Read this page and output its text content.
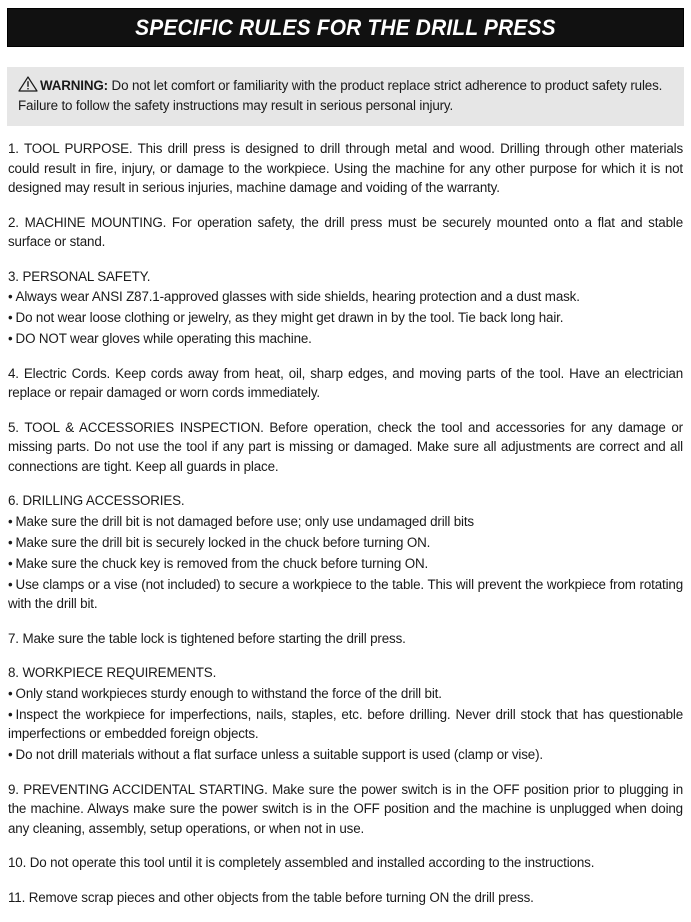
SPECIFIC RULES FOR THE DRILL PRESS
WARNING: Do not let comfort or familiarity with the product replace strict adherence to product safety rules. Failure to follow the safety instructions may result in serious personal injury.

1. TOOL PURPOSE. This drill press is designed to drill through metal and wood. Drilling through other materials could result in fire, injury, or damage to the workpiece. Using the machine for any other purpose for which it is not designed may result in serious injuries, machine damage and voiding of the warranty.

2. MACHINE MOUNTING. For operation safety, the drill press must be securely mounted onto a flat and stable surface or stand.

3. PERSONAL SAFETY.

• Always wear ANSI Z87.1-approved glasses with side shields, hearing protection and a dust mask.

• Do not wear loose clothing or jewelry, as they might get drawn in by the tool. Tie back long hair.

• DO NOT wear gloves while operating this machine.

4. Electric Cords. Keep cords away from heat, oil, sharp edges, and moving parts of the tool. Have an electrician replace or repair damaged or worn cords immediately.

5. TOOL & ACCESSORIES INSPECTION. Before operation, check the tool and accessories for any damage or missing parts. Do not use the tool if any part is missing or damaged. Make sure all adjustments are correct and all connections are tight. Keep all guards in place.

6. DRILLING ACCESSORIES.

• Make sure the drill bit is not damaged before use; only use undamaged drill bits

• Make sure the drill bit is securely locked in the chuck before turning ON.

• Make sure the chuck key is removed from the chuck before turning ON.

• Use clamps or a vise (not included) to secure a workpiece to the table. This will prevent the workpiece from rotating with the drill bit.

7. Make sure the table lock is tightened before starting the drill press.

8. WORKPIECE REQUIREMENTS.

• Only stand workpieces sturdy enough to withstand the force of the drill bit.

• Inspect the workpiece for imperfections, nails, staples, etc. before drilling. Never drill stock that has questionable imperfections or embedded foreign objects.

• Do not drill materials without a flat surface unless a suitable support is used (clamp or vise).

9. PREVENTING ACCIDENTAL STARTING. Make sure the power switch is in the OFF position prior to plugging in the machine. Always make sure the power switch is in the OFF position and the machine is unplugged when doing any cleaning, assembly, setup operations, or when not in use.

10. Do not operate this tool until it is completely assembled and installed according to the instructions.

11. Remove scrap pieces and other objects from the table before turning ON the drill press.
